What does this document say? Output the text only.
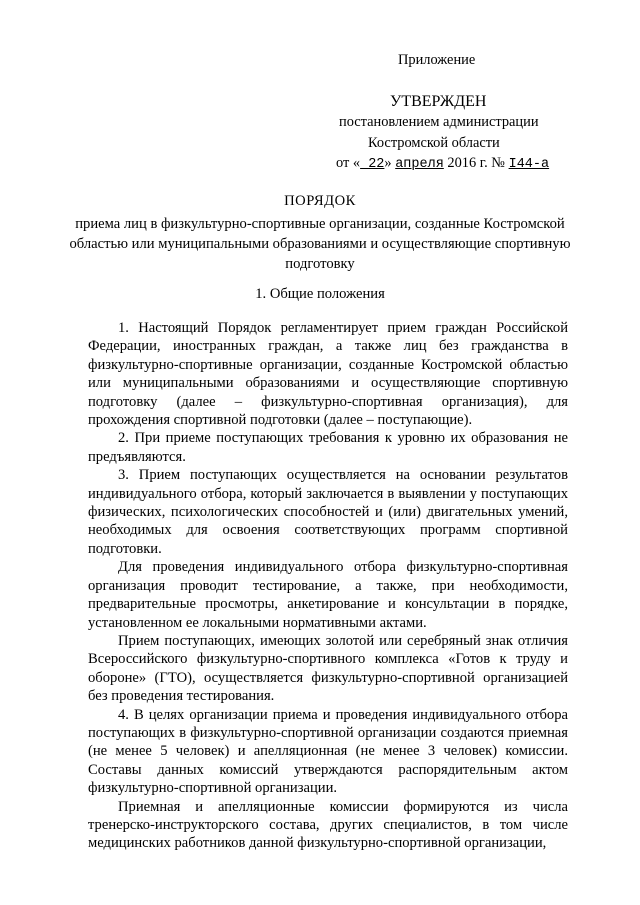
Приложение
УТВЕРЖДЕН
постановлением администрации
Костромской области
от « 22» апреля 2016 г. № I44-а
ПОРЯДОК
приема лиц в физкультурно-спортивные организации, созданные Костромской областью или муниципальными образованиями и осуществляющие спортивную подготовку
1. Общие положения

1. Настоящий Порядок регламентирует прием граждан Российской Федерации, иностранных граждан, а также лиц без гражданства в физкультурно-спортивные организации, созданные Костромской областью или муниципальными образованиями и осуществляющие спортивную подготовку (далее – физкультурно-спортивная организация), для прохождения спортивной подготовки (далее – поступающие).

2. При приеме поступающих требования к уровню их образования не предъявляются.

3. Прием поступающих осуществляется на основании результатов индивидуального отбора, который заключается в выявлении у поступающих физических, психологических способностей и (или) двигательных умений, необходимых для освоения соответствующих программ спортивной подготовки.

Для проведения индивидуального отбора физкультурно-спортивная организация проводит тестирование, а также, при необходимости, предварительные просмотры, анкетирование и консультации в порядке, установленном ее локальными нормативными актами.

Прием поступающих, имеющих золотой или серебряный знак отличия Всероссийского физкультурно-спортивного комплекса «Готов к труду и обороне» (ГТО), осуществляется физкультурно-спортивной организацией без проведения тестирования.

4. В целях организации приема и проведения индивидуального отбора поступающих в физкультурно-спортивной организации создаются приемная (не менее 5 человек) и апелляционная (не менее 3 человек) комиссии. Составы данных комиссий утверждаются распорядительным актом физкультурно-спортивной организации.

Приемная и апелляционные комиссии формируются из числа тренерско-инструкторского состава, других специалистов, в том числе медицинских работников данной физкультурно-спортивной организации,
